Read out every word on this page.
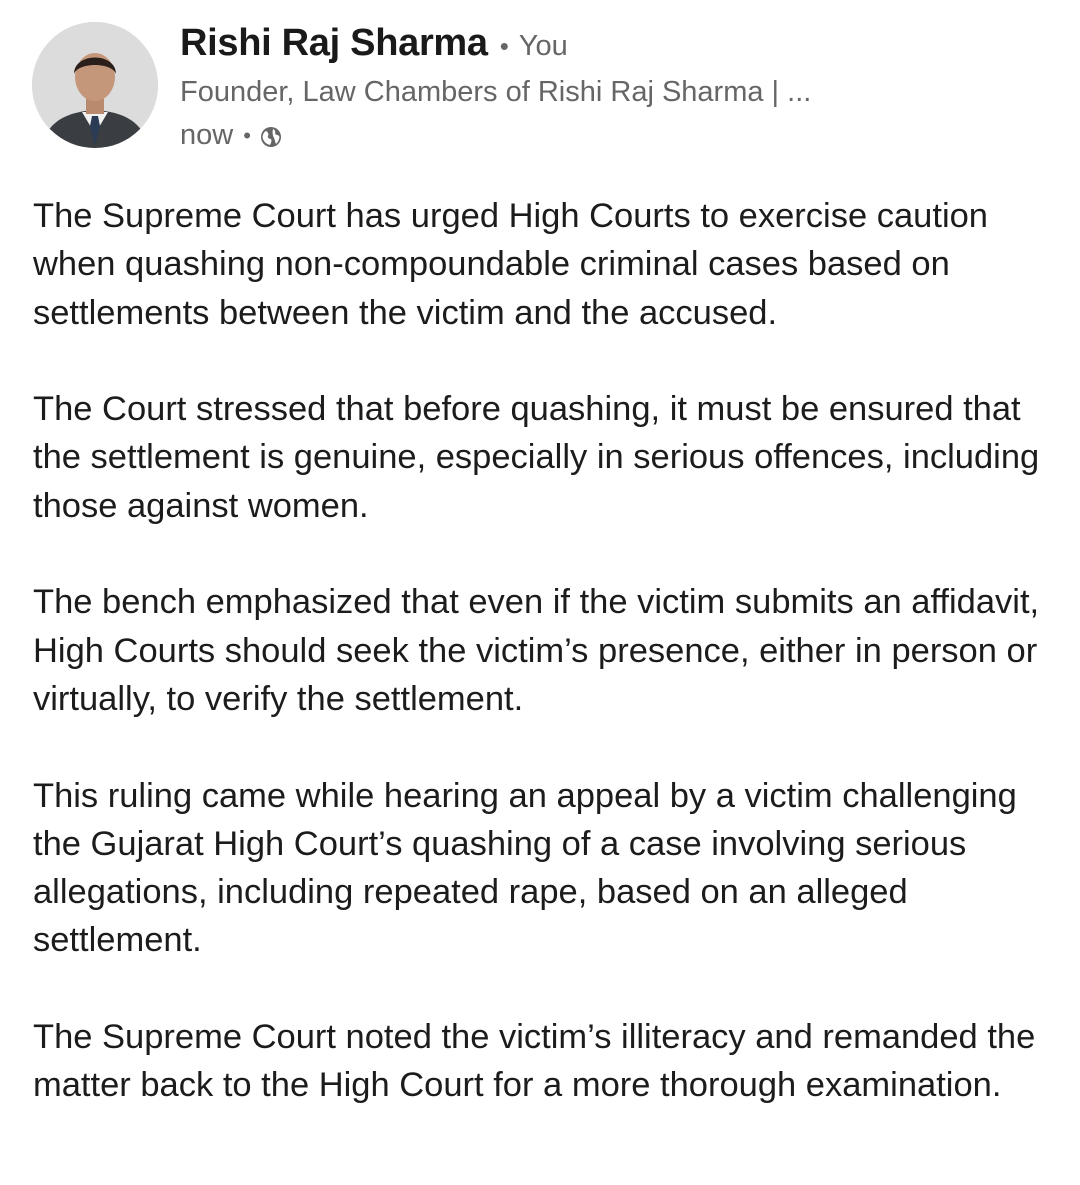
Rishi Raj Sharma • You
Founder, Law Chambers of Rishi Raj Sharma | ...
now •

The Supreme Court has urged High Courts to exercise caution when quashing non-compoundable criminal cases based on settlements between the victim and the accused.

The Court stressed that before quashing, it must be ensured that the settlement is genuine, especially in serious offences, including those against women.

The bench emphasized that even if the victim submits an affidavit, High Courts should seek the victim’s presence, either in person or virtually, to verify the settlement.

This ruling came while hearing an appeal by a victim challenging the Gujarat High Court’s quashing of a case involving serious allegations, including repeated rape, based on an alleged settlement.

The Supreme Court noted the victim’s illiteracy and remanded the matter back to the High Court for a more thorough examination.
